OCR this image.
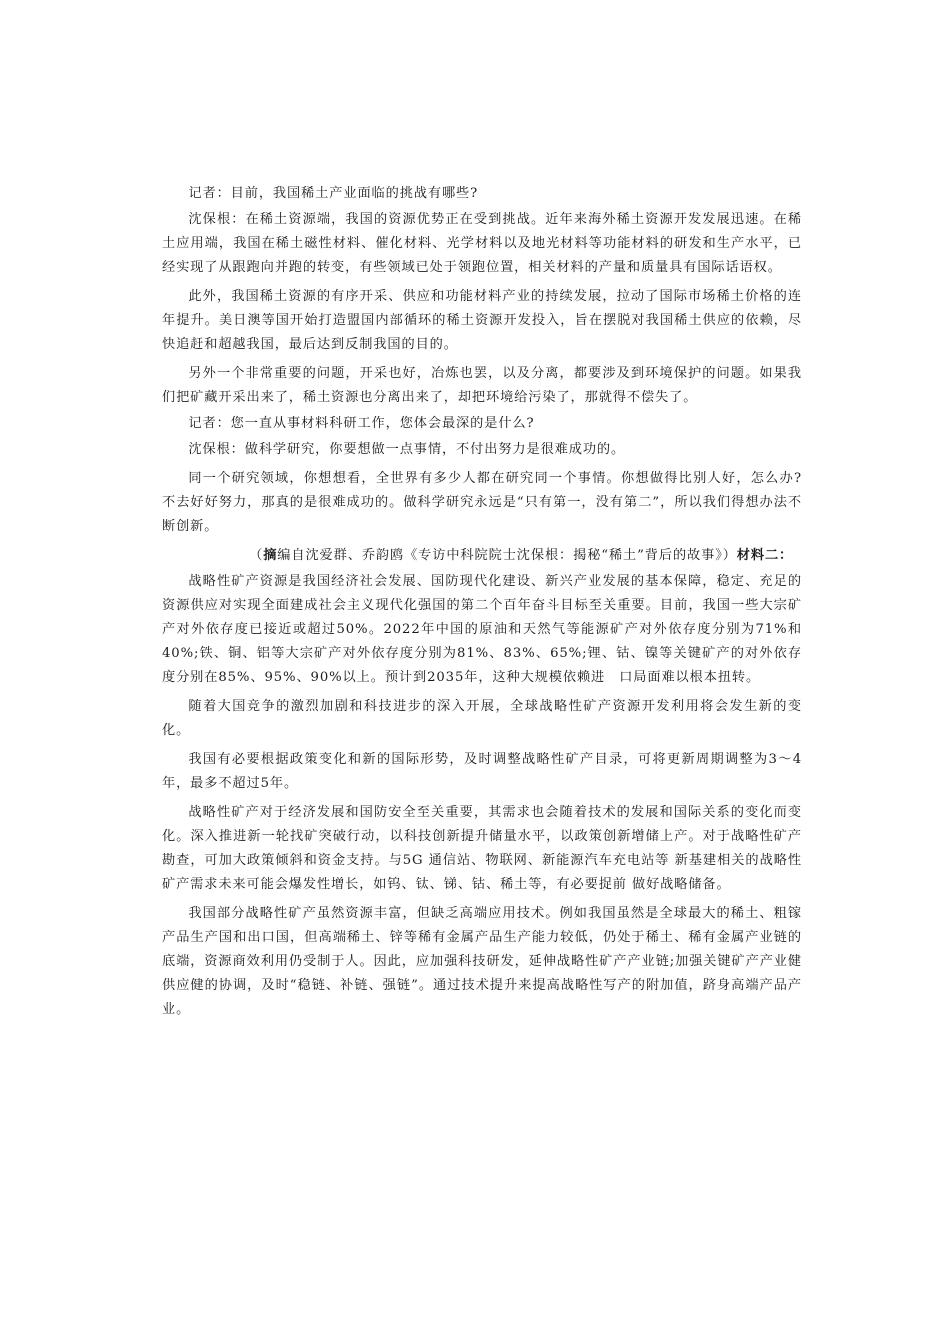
记者：目前，我国稀土产业面临的挑战有哪些?

沈保根：在稀土资源端，我国的资源优势正在受到挑战。近年来海外稀土资源开发发展迅速。在稀土应用端，我国在稀土磁性材料、催化材料、光学材料以及地光材料等功能材料的研发和生产水平，已经实现了从跟跑向并跑的转变，有些领域已处于领跑位置，相关材料的产量和质量具有国际话语权。

此外，我国稀土资源的有序开采、供应和功能材料产业的持续发展，拉动了国际市场稀土价格的连年提升。美日澳等国开始打造盟国内部循环的稀土资源开发投入，旨在摆脱对我国稀土供应的依赖，尽快追赶和超越我国，最后达到反制我国的目的。

另外一个非常重要的问题，开采也好，冶炼也罢，以及分离，都要涉及到环境保护的问题。如果我们把矿藏开采出来了，稀土资源也分离出来了，却把环境给污染了，那就得不偿失了。

记者：您一直从事材料科研工作，您体会最深的是什么?

沈保根：做科学研究，你要想做一点事情，不付出努力是很难成功的。

同一个研究领域，你想想看，全世界有多少人都在研究同一个事情。你想做得比别人好，怎么办?不去好好努力，那真的是很难成功的。做科学研究永远是“只有第一，没有第二”，所以我们得想办法不断创新。

（摘编自沈爱群、乔韵鸥《专访中科院院士沈保根：揭秘“稀土”背后的故事》）材料二：

战略性矿产资源是我国经济社会发展、国防现代化建设、新兴产业发展的基本保障，稳定、充足的资源供应对实现全面建成社会主义现代化强国的第二个百年奋斗目标至关重要。目前，我国一些大宗矿产对外依存度已接近或超过50%。2022年中国的原油和天然气等能源矿产对外依存度分别为71%和40%;铁、铜、铝等大宗矿产对外依存度分别为81%、83%、65%;锂、钴、镍等关键矿产的对外依存度分别在85%、95%、90%以上。预计到2035年，这种大规模依赖进　口局面难以根本扭转。

随着大国竞争的激烈加剧和科技进步的深入开展，全球战略性矿产资源开发利用将会发生新的变化。

我国有必要根据政策变化和新的国际形势，及时调整战略性矿产目录，可将更新周期调整为3～4年，最多不超过5年。

战略性矿产对于经济发展和国防安全至关重要，其需求也会随着技术的发展和国际关系的变化而变化。深入推进新一轮找矿突破行动，以科技创新提升储量水平，以政策创新增储上产。对于战略性矿产勘查，可加大政策倾斜和资金支持。与5G 通信站、物联网、新能源汽车充电站等 新基建相关的战略性矿产需求未来可能会爆发性增长，如钨、钛、锑、钴、稀土等，有必要捉前 做好战略储备。

我国部分战略性矿产虽然资源丰富，但缺乏高端应用技术。例如我国虽然是全球最大的稀土、粗镓产品生产国和出口国，但高端稀土、锌等稀有金属产品生产能力较低，仍处于稀土、稀有金属产业链的底端，资源商效利用仍受制于人。因此，应加强科技研发，延伸战略性矿产产业链;加强关键矿产产业健供应健的协调，及时“稳链、补链、强链”。通过技术提升来提高战略性写产的附加值，跻身高端产品产业。
